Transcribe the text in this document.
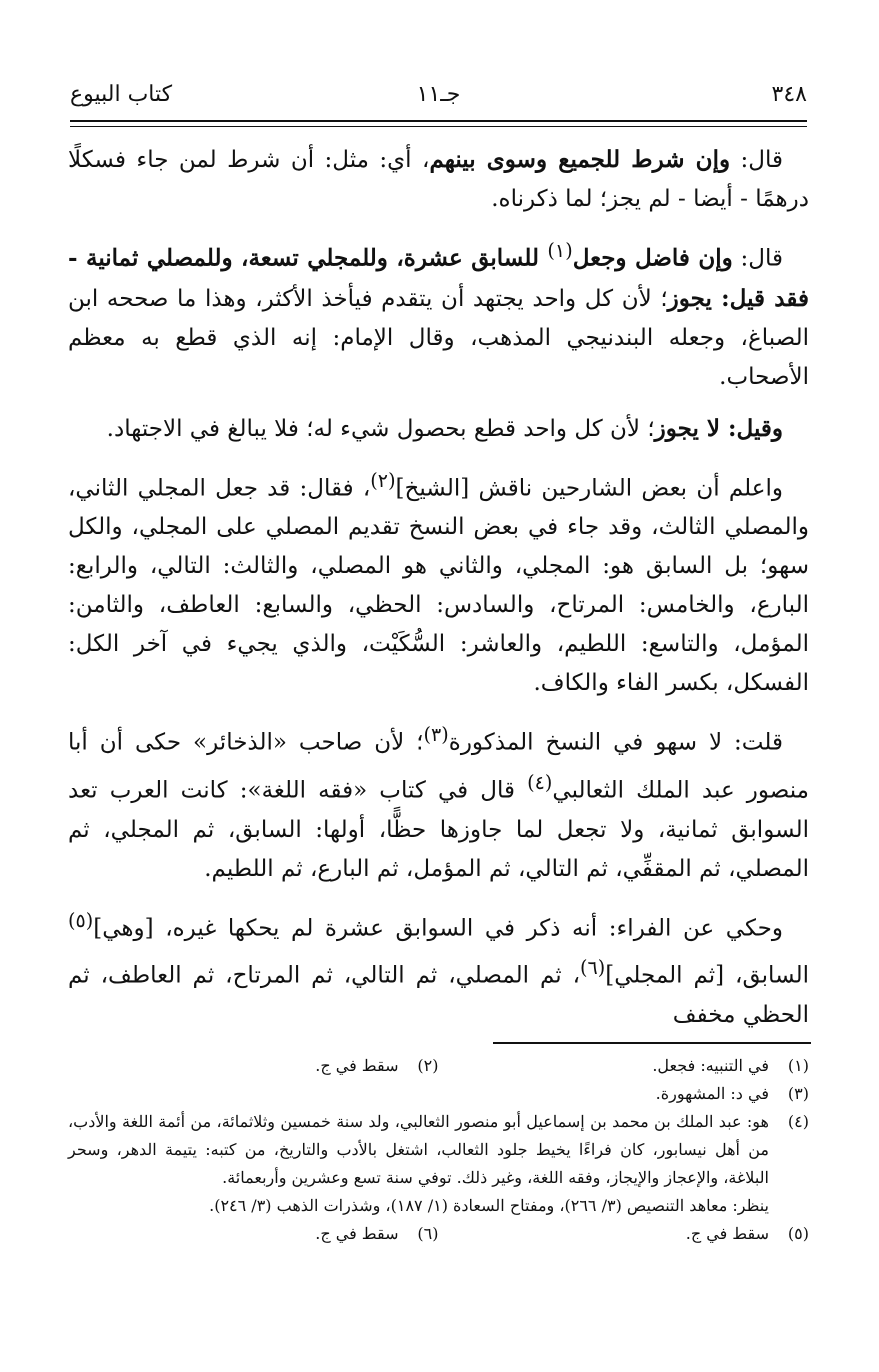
٣٤٨
جـ١١
كتاب البيوع

قال: وإن شرط للجميع وسوى بينهم، أي: مثل: أن شرط لمن جاء فسكلًا درهمًا - أيضا - لم يجز؛ لما ذكرناه.

قال: وإن فاضل وجعل$^{(١)}$ للسابق عشرة، وللمجلي تسعة، وللمصلي ثمانية - فقد قيل: يجوز؛ لأن كل واحد يجتهد أن يتقدم فيأخذ الأكثر، وهذا ما صححه ابن الصباغ، وجعله البندنيجي المذهب، وقال الإمام: إنه الذي قطع به معظم الأصحاب.

وقيل: لا يجوز؛ لأن كل واحد قطع بحصول شيء له؛ فلا يبالغ في الاجتهاد.

واعلم أن بعض الشارحين ناقش [الشيخ]$^{(٢)}$، فقال: قد جعل المجلي الثاني، والمصلي الثالث، وقد جاء في بعض النسخ تقديم المصلي على المجلي، والكل سهو؛ بل السابق هو: المجلي، والثاني هو المصلي، والثالث: التالي، والرابع: البارع، والخامس: المرتاح، والسادس: الحظي، والسابع: العاطف، والثامن: المؤمل، والتاسع: اللطيم، والعاشر: السُّكَيْت، والذي يجيء في آخر الكل: الفسكل، بكسر الفاء والكاف.

قلت: لا سهو في النسخ المذكورة$^{(٣)}$؛ لأن صاحب «الذخائر» حكى أن أبا منصور عبد الملك الثعالبي$^{(٤)}$ قال في كتاب «فقه اللغة»: كانت العرب تعد السوابق ثمانية، ولا تجعل لما جاوزها حظًّا، أولها: السابق، ثم المجلي، ثم المصلي، ثم المقفِّي، ثم التالي، ثم المؤمل، ثم البارع، ثم اللطيم.

وحكي عن الفراء: أنه ذكر في السوابق عشرة لم يحكها غيره، [وهي]$^{(٥)}$ السابق، [ثم المجلي]$^{(٦)}$، ثم المصلي، ثم التالي، ثم المرتاح، ثم العاطف، ثم الحظي مخفف

(١)
في التنبيه: فجعل.
(٢)
سقط في ج.
(٣)
في د: المشهورة.
(٤)
هو: عبد الملك بن محمد بن إسماعيل أبو منصور الثعالبي، ولد سنة خمسين وثلاثمائة، من أئمة اللغة والأدب، من أهل نيسابور، كان فراءًا يخيط جلود الثعالب، اشتغل بالأدب والتاريخ، من كتبه: يتيمة الدهر، وسحر البلاغة، والإعجاز والإيجاز، وفقه اللغة، وغير ذلك. توفي سنة تسع وعشرين وأربعمائة.
ينظر: معاهد التنصيص (٣/ ٢٦٦)، ومفتاح السعادة (١/ ١٨٧)، وشذرات الذهب (٣/ ٢٤٦).
(٥)
سقط في ج.
(٦)
سقط في ج.
